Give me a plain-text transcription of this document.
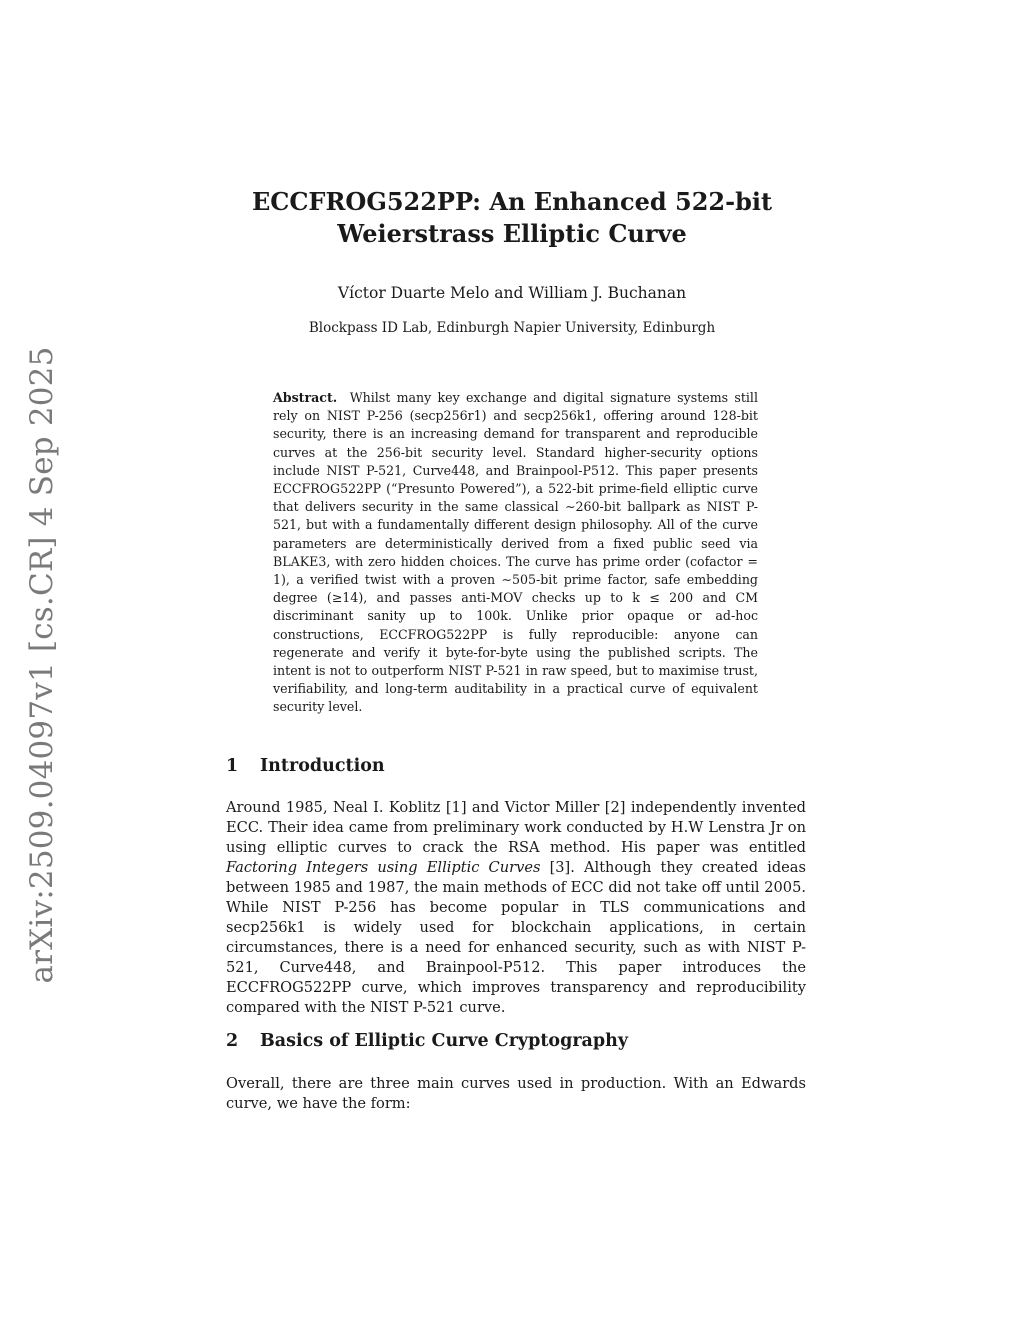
arXiv:2509.04097v1 [cs.CR] 4 Sep 2025
ECCFROG522PP: An Enhanced 522-bit
Weierstrass Elliptic Curve
Víctor Duarte Melo and William J. Buchanan
Blockpass ID Lab, Edinburgh Napier University, Edinburgh
Abstract. Whilst many key exchange and digital signature systems still rely on NIST P-256 (secp256r1) and secp256k1, offering around 128-bit security, there is an increasing demand for transparent and reproducible curves at the 256-bit security level. Standard higher-security options include NIST P-521, Curve448, and Brainpool-P512. This paper presents ECCFROG522PP (“Presunto Powered”), a 522-bit prime-field elliptic curve that delivers security in the same classical ∼260-bit ballpark as NIST P-521, but with a fundamentally different design philosophy. All of the curve parameters are deterministically derived from a fixed public seed via BLAKE3, with zero hidden choices. The curve has prime order (cofactor = 1), a verified twist with a proven ∼505-bit prime factor, safe embedding degree (≥14), and passes anti-MOV checks up to k ≤ 200 and CM discriminant sanity up to 100k. Unlike prior opaque or ad-hoc constructions, ECCFROG522PP is fully reproducible: anyone can regenerate and verify it byte-for-byte using the published scripts. The intent is not to outperform NIST P-521 in raw speed, but to maximise trust, verifiability, and long-term auditability in a practical curve of equivalent security level.
1 Introduction
Around 1985, Neal I. Koblitz [1] and Victor Miller [2] independently invented ECC. Their idea came from preliminary work conducted by H.W Lenstra Jr on using elliptic curves to crack the RSA method. His paper was entitled Factoring Integers using Elliptic Curves [3]. Although they created ideas between 1985 and 1987, the main methods of ECC did not take off until 2005. While NIST P-256 has become popular in TLS communications and secp256k1 is widely used for blockchain applications, in certain circumstances, there is a need for enhanced security, such as with NIST P-521, Curve448, and Brainpool-P512. This paper introduces the ECCFROG522PP curve, which improves transparency and reproducibility compared with the NIST P-521 curve.
2 Basics of Elliptic Curve Cryptography
Overall, there are three main curves used in production. With an Edwards curve, we have the form:
